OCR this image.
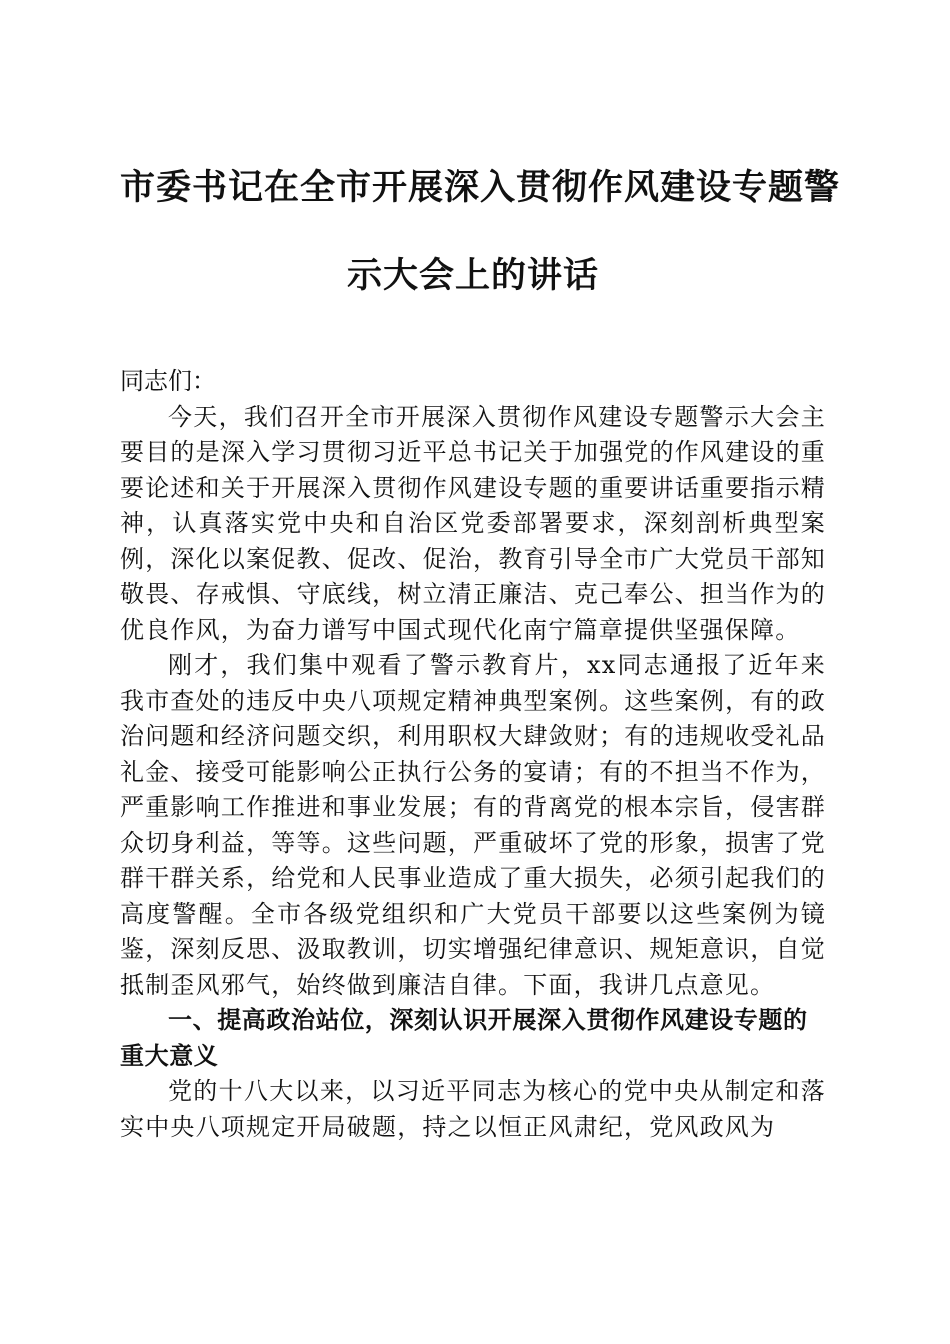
市委书记在全市开展深入贯彻作风建设专题警
示大会上的讲话

同志们：

今天，我们召开全市开展深入贯彻作风建设专题警示大会主要目的是深入学习贯彻习近平总书记关于加强党的作风建设的重要论述和关于开展深入贯彻作风建设专题的重要讲话重要指示精神，认真落实党中央和自治区党委部署要求，深刻剖析典型案例，深化以案促教、促改、促治，教育引导全市广大党员干部知敬畏、存戒惧、守底线，树立清正廉洁、克己奉公、担当作为的优良作风，为奋力谱写中国式现代化南宁篇章提供坚强保障。

刚才，我们集中观看了警示教育片，xx同志通报了近年来我市查处的违反中央八项规定精神典型案例。这些案例，有的政治问题和经济问题交织，利用职权大肆敛财；有的违规收受礼品礼金、接受可能影响公正执行公务的宴请；有的不担当不作为，严重影响工作推进和事业发展；有的背离党的根本宗旨，侵害群众切身利益，等等。这些问题，严重破坏了党的形象，损害了党群干群关系，给党和人民事业造成了重大损失，必须引起我们的高度警醒。全市各级党组织和广大党员干部要以这些案例为镜鉴，深刻反思、汲取教训，切实增强纪律意识、规矩意识，自觉抵制歪风邪气，始终做到廉洁自律。下面，我讲几点意见。

一、提高政治站位，深刻认识开展深入贯彻作风建设专题的重大意义

党的十八大以来，以习近平同志为核心的党中央从制定和落实中央八项规定开局破题，持之以恒正风肃纪，党风政风为
